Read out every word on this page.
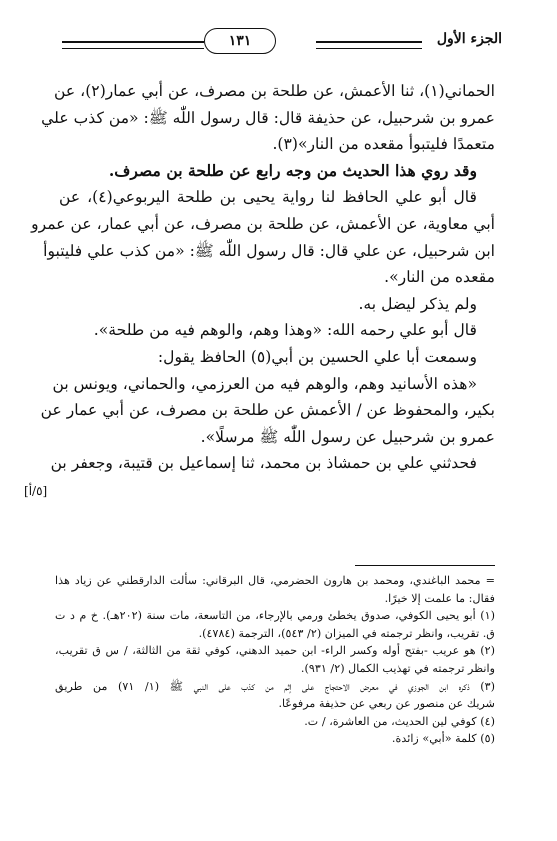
الجزء الأول
١٣١
الحماني(١)، ثنا الأعمش، عن طلحة بن مصرف، عن أبي عمار(٢)، عن
عمرو بن شرحبيل، عن حذيفة قال: قال رسول اللّٰه ﷺ: «من كذب علي
متعمدًا فليتبوأ مقعده من النار»(٣).
وقد روي هذا الحديث من وجه رابع عن طلحة بن مصرف.
قال أبو علي الحافظ لنا رواية يحيى بن طلحة اليربوعي(٤)، عن
أبي معاوية، عن الأعمش، عن طلحة بن مصرف، عن أبي عمار، عن عمرو
ابن شرحبيل، عن علي قال: قال رسول اللّٰه ﷺ: «من كذب علي فليتبوأ
مقعده من النار».
ولم يذكر ليضل به.
قال أبو علي رحمه الله: «وهذا وهم، والوهم فيه من طلحة».
وسمعت أبا علي الحسين بن أبي(٥) الحافظ يقول:
«هذه الأسانيد وهم، والوهم فيه من العرزمي، والحماني، ويونس بن
بكير، والمحفوظ عن / الأعمش عن طلحة بن مصرف، عن أبي عمار عن
عمرو بن شرحبيل عن رسول اللّٰه ﷺ مرسلًا».
فحدثني علي بن حمشاذ بن محمد، ثنا إسماعيل بن قتيبة، وجعفر بن
[٥/أ]
= محمد الباغندي، ومحمد بن هارون الحضرمي، قال البرقاني: سألت الدارقطني عن زياد هذا
فقال: ما علمت إلا خيرًا.
(١) أبو يحيى الكوفي، صدوق يخطئ ورمي بالإرجاء، من التاسعة، مات سنة (٢٠٢هـ). خ م د ت
ق. تقريب، وانظر ترجمته في الميزان (٢/ ٥٤٣)، الترجمة (٤٧٨٤).
(٢) هو عريب -بفتح أوله وكسر الراء- ابن حميد الدهني، كوفي ثقة من الثالثة، / س ق تقريب،
وانظر ترجمته في تهذيب الكمال (٢/ ٩٣١).
(٣) ذكره ابن الجوزي في معرض الاحتجاج على إثم من كذب على النبي ﷺ (١/ ٧١) من طريق
شريك عن منصور عن ربعي عن حذيفة مرفوعًا.
(٤) كوفي لين الحديث، من العاشرة، / ت.
(٥) كلمة «أبي» زائدة.
